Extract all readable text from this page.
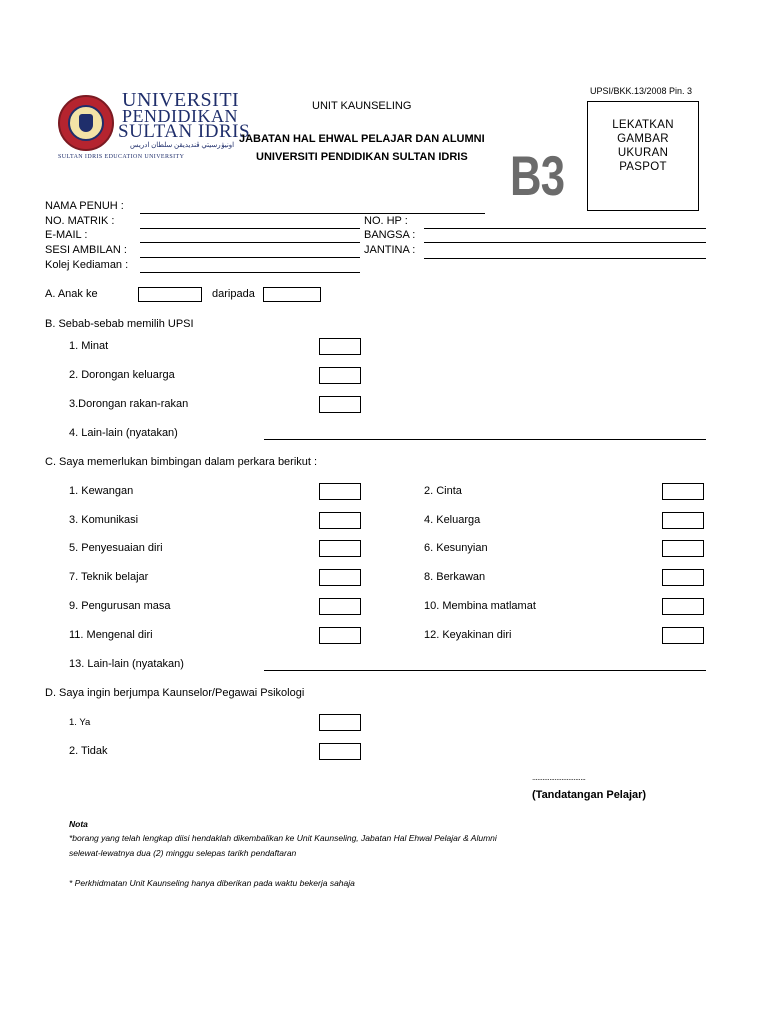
UNIVERSITI
PENDIDIKAN
SULTAN IDRIS
اونيۏرسيتي ڤنديديقن سلطان ادريس
SULTAN IDRIS EDUCATION UNIVERSITY
UPSI/BKK.13/2008 Pin. 3
UNIT KAUNSELING
JABATAN HAL EHWAL PELAJAR DAN ALUMNI
UNIVERSITI PENDIDIKAN SULTAN IDRIS B3
LEKATKAN
GAMBAR
UKURAN
PASPOT
NAMA PENUH :
NO. MATRIK :	NO. HP :
E-MAIL :	BANGSA :
SESI AMBILAN :	JANTINA :
Kolej Kediaman :
A. Anak ke	daripada
B. Sebab-sebab memilih UPSI
1. Minat
2. Dorongan keluarga
3.Dorongan rakan-rakan
4. Lain-lain (nyatakan)
C. Saya memerlukan bimbingan dalam perkara berikut :
1. Kewangan	2. Cinta
3. Komunikasi	4. Keluarga
5. Penyesuaian diri	6. Kesunyian
7. Teknik belajar	8. Berkawan
9. Pengurusan masa	10. Membina matlamat
11. Mengenal diri	12. Keyakinan diri
13. Lain-lain (nyatakan)
D. Saya ingin berjumpa Kaunselor/Pegawai Psikologi
1. Ya
2. Tidak
...............................
(Tandatangan Pelajar)
Nota
*borang yang telah lengkap diisi hendaklah dikembalikan ke Unit Kaunseling, Jabatan Hal Ehwal Pelajar & Alumni
selewat-lewatnya dua (2) minggu selepas tarikh pendaftaran
* Perkhidmatan Unit Kaunseling hanya diberikan pada waktu bekerja sahaja
